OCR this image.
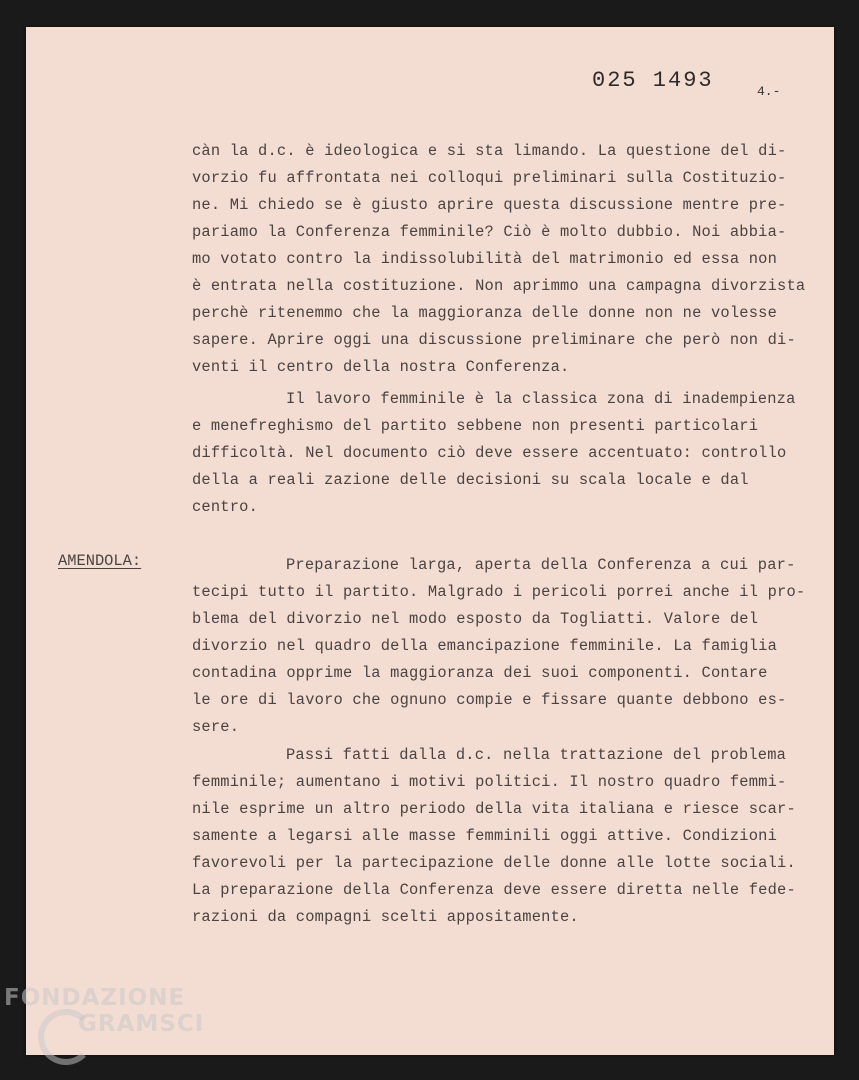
025 1493	4.-
càn la d.c. è ideologica e si sta limando. La questione del di-
vorzio fu affrontata nei colloqui preliminari sulla Costituzio-
ne. Mi chiedo se è giusto aprire questa discussione mentre pre-
pariamo la Conferenza femminile? Ciò è molto dubbio. Noi abbia-
mo votato contro la indissolubilità del matrimonio ed essa non
è entrata nella costituzione. Non aprimmo una campagna divorzista
perchè ritenemmo che la maggioranza delle donne non ne volesse
sapere. Aprire oggi una discussione preliminare che però non di-
venti il centro della nostra Conferenza.
Il lavoro femminile è la classica zona di inadempienza
e menefreghismo del partito sebbene non presenti particolari
difficoltà. Nel documento ciò deve essere accentuato: controllo
della a reali zazione delle decisioni su scala locale e dal
centro.
AMENDOLA:	Preparazione larga, aperta della Conferenza a cui par-
tecipi tutto il partito. Malgrado i pericoli porrei anche il pro-
blema del divorzio nel modo esposto da Togliatti. Valore del
divorzio nel quadro della emancipazione femminile. La famiglia
contadina opprime la maggioranza dei suoi componenti. Contare
le ore di lavoro che ognuno compie e fissare quante debbono es-
sere.
Passi fatti dalla d.c. nella trattazione del problema
femminile; aumentano i motivi politici. Il nostro quadro femmi-
nile esprime un altro periodo della vita italiana e riesce scar-
samente a legarsi alle masse femminili oggi attive. Condizioni
favorevoli per la partecipazione delle donne alle lotte sociali.
La preparazione della Conferenza deve essere diretta nelle fede-
razioni da compagni scelti appositamente.
FONDAZIONE
GRAMSCI
